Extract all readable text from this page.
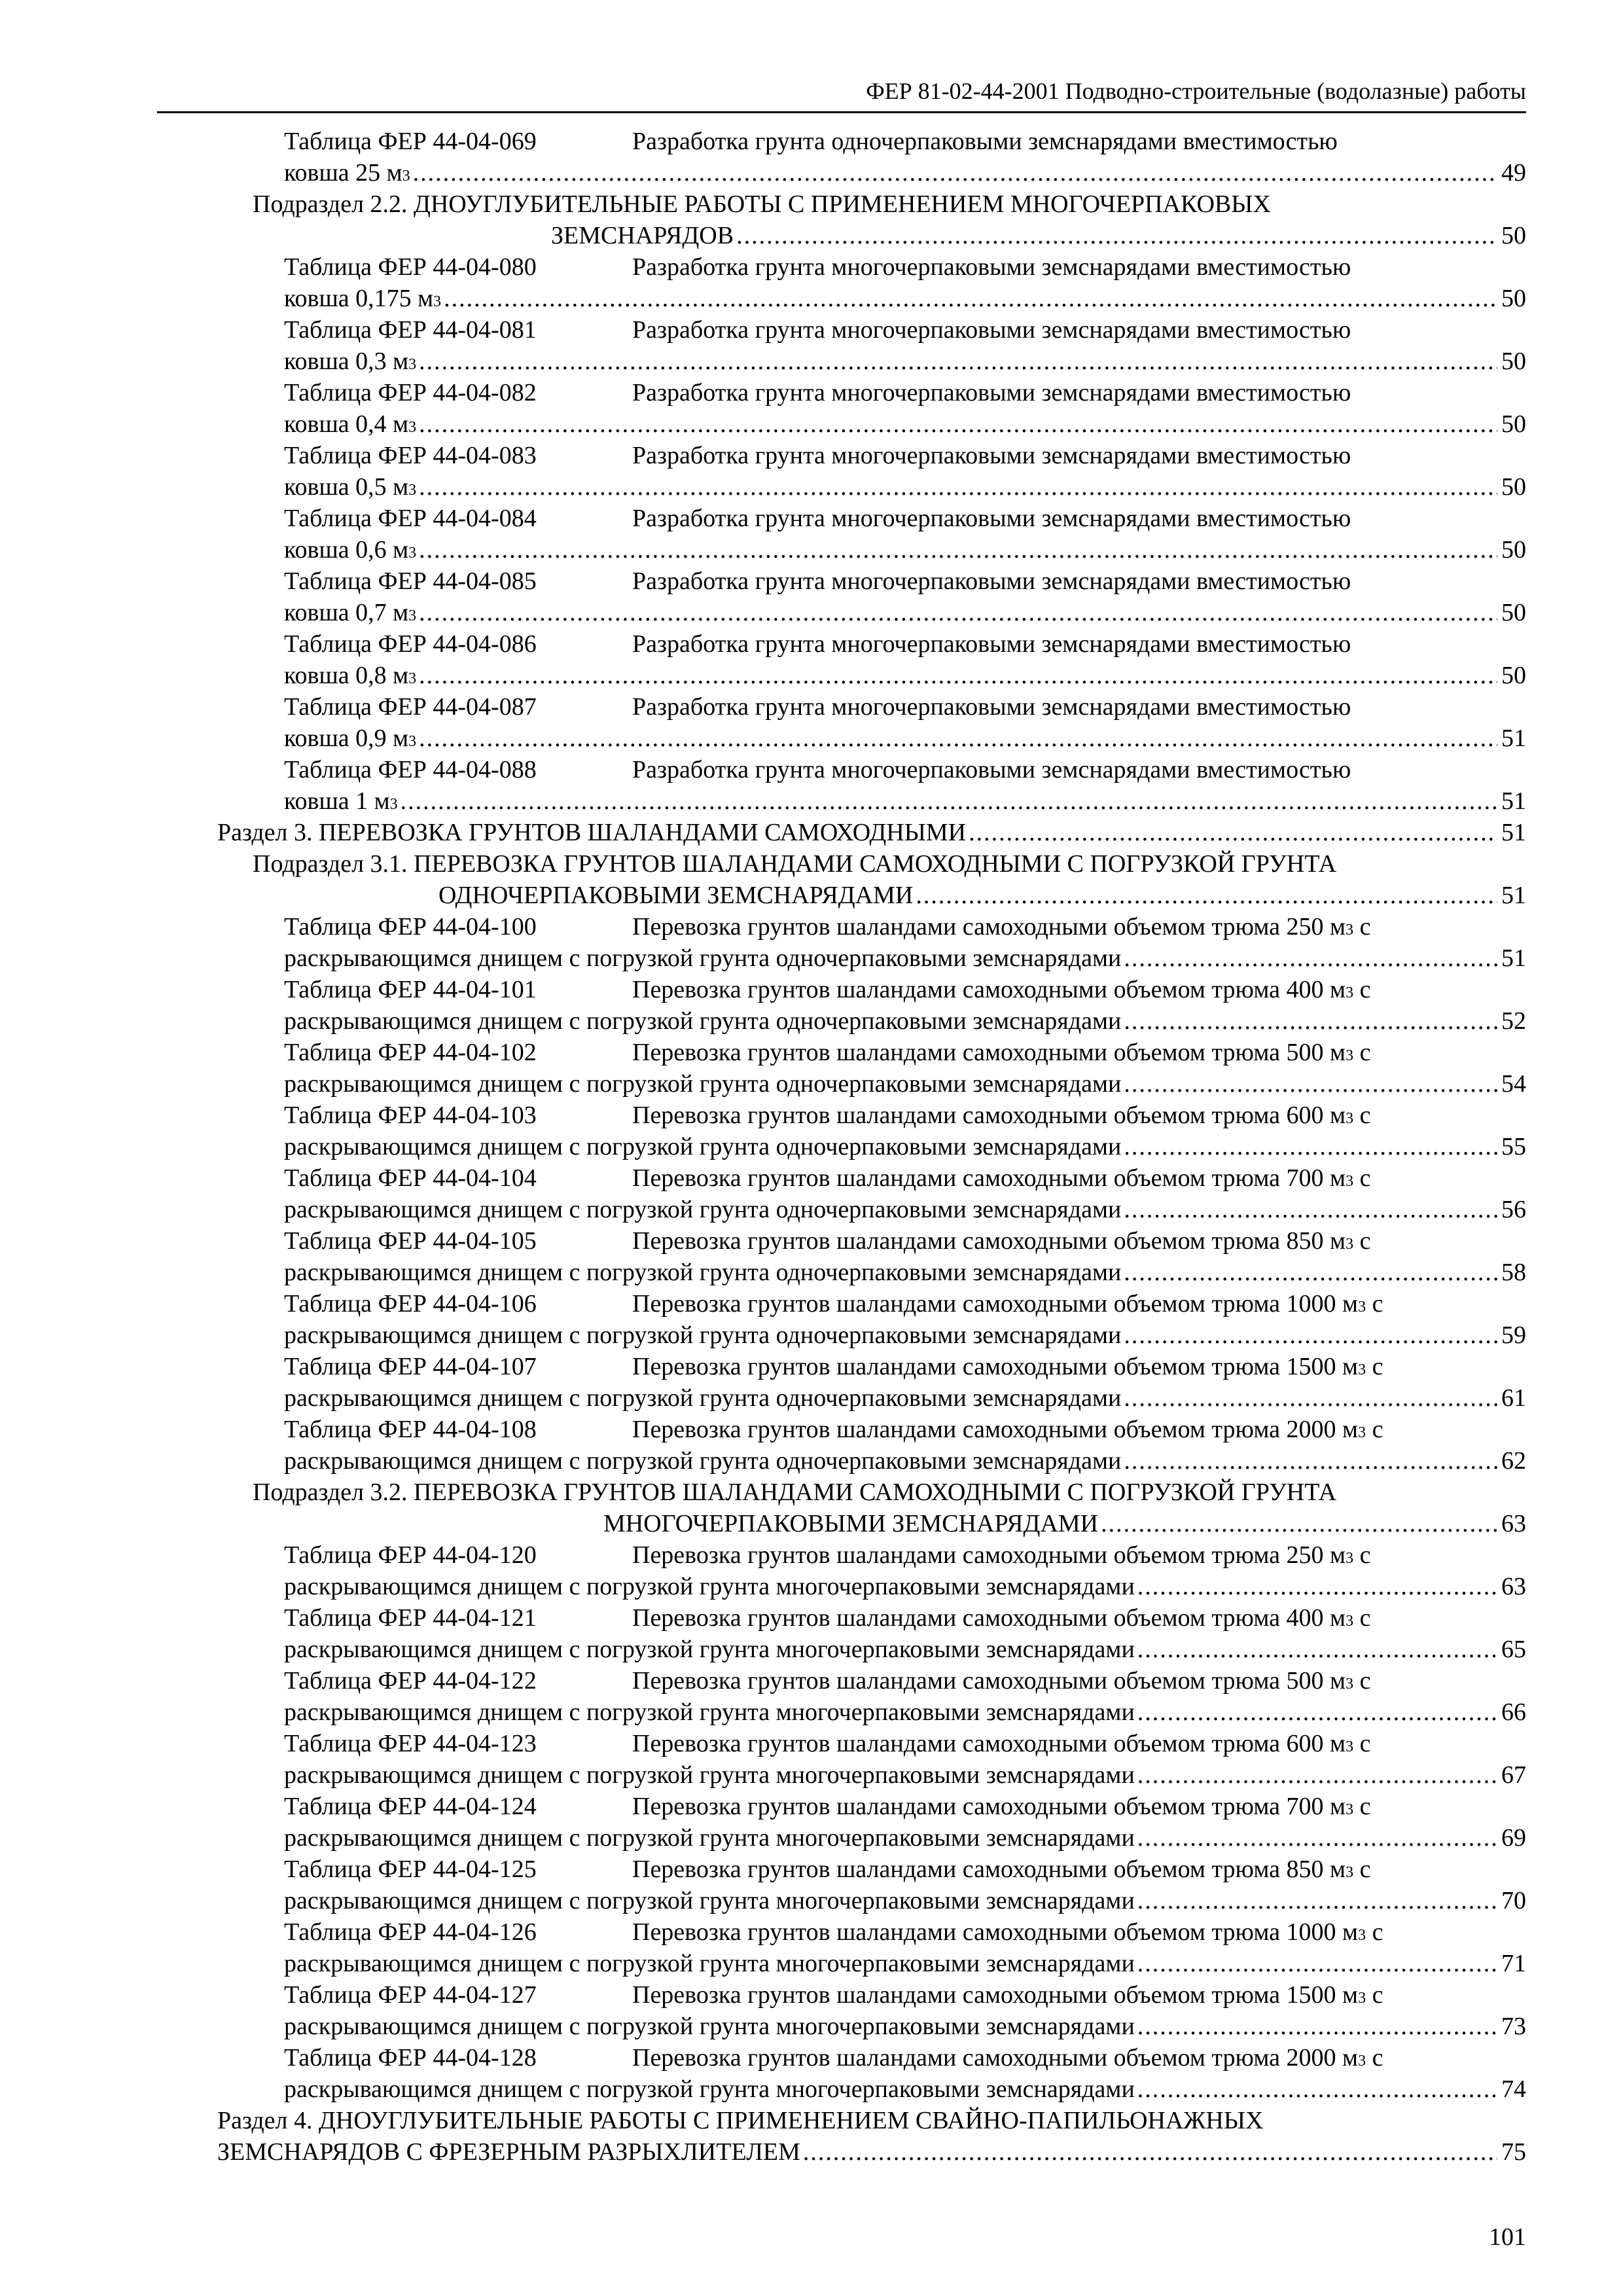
ФЕР 81-02-44-2001 Подводно-строительные (водолазные) работы
Таблица ФЕР 44-04-069	Разработка грунта одночерпаковыми земснарядами вместимостью
ковша 25 м 3 .....	49
Подраздел 2.2. ДНОУГЛУБИТЕЛЬНЫЕ РАБОТЫ С ПРИМЕНЕНИЕМ МНОГОЧЕРПАКОВЫХ
ЗЕМСНАРЯДОВ .....	50
Таблица ФЕР 44-04-080	Разработка грунта многочерпаковыми земснарядами вместимостью
ковша 0,175 м 3 .....	50
Таблица ФЕР 44-04-081	Разработка грунта многочерпаковыми земснарядами вместимостью
ковша 0,3 м 3 .....	50
Таблица ФЕР 44-04-082	Разработка грунта многочерпаковыми земснарядами вместимостью
ковша 0,4 м 3 .....	50
Таблица ФЕР 44-04-083	Разработка грунта многочерпаковыми земснарядами вместимостью
ковша 0,5 м 3 .....	50
Таблица ФЕР 44-04-084	Разработка грунта многочерпаковыми земснарядами вместимостью
ковша 0,6 м 3 .....	50
Таблица ФЕР 44-04-085	Разработка грунта многочерпаковыми земснарядами вместимостью
ковша 0,7 м 3 .....	50
Таблица ФЕР 44-04-086	Разработка грунта многочерпаковыми земснарядами вместимостью
ковша 0,8 м 3 .....	50
Таблица ФЕР 44-04-087	Разработка грунта многочерпаковыми земснарядами вместимостью
ковша 0,9 м 3 .....	51
Таблица ФЕР 44-04-088	Разработка грунта многочерпаковыми земснарядами вместимостью
ковша 1 м 3 .....	51
Раздел 3. ПЕРЕВОЗКА ГРУНТОВ ШАЛАНДАМИ САМОХОДНЫМИ .....	51
Подраздел 3.1. ПЕРЕВОЗКА ГРУНТОВ ШАЛАНДАМИ САМОХОДНЫМИ С ПОГРУЗКОЙ ГРУНТА
ОДНОЧЕРПАКОВЫМИ ЗЕМСНАРЯДАМИ .....	51
Таблица ФЕР 44-04-100	Перевозка грунтов шаландами самоходными объемом трюма 250 м 3 с
раскрывающимся днищем с погрузкой грунта одночерпаковыми земснарядами .....	51
Таблица ФЕР 44-04-101	Перевозка грунтов шаландами самоходными объемом трюма 400 м 3 с
раскрывающимся днищем с погрузкой грунта одночерпаковыми земснарядами .....	52
Таблица ФЕР 44-04-102	Перевозка грунтов шаландами самоходными объемом трюма 500 м 3 с
раскрывающимся днищем с погрузкой грунта одночерпаковыми земснарядами .....	54
Таблица ФЕР 44-04-103	Перевозка грунтов шаландами самоходными объемом трюма 600 м 3 с
раскрывающимся днищем с погрузкой грунта одночерпаковыми земснарядами .....	55
Таблица ФЕР 44-04-104	Перевозка грунтов шаландами самоходными объемом трюма 700 м 3 с
раскрывающимся днищем с погрузкой грунта одночерпаковыми земснарядами .....	56
Таблица ФЕР 44-04-105	Перевозка грунтов шаландами самоходными объемом трюма 850 м 3 с
раскрывающимся днищем с погрузкой грунта одночерпаковыми земснарядами .....	58
Таблица ФЕР 44-04-106	Перевозка грунтов шаландами самоходными объемом трюма 1000 м 3 с
раскрывающимся днищем с погрузкой грунта одночерпаковыми земснарядами .....	59
Таблица ФЕР 44-04-107	Перевозка грунтов шаландами самоходными объемом трюма 1500 м 3 с
раскрывающимся днищем с погрузкой грунта одночерпаковыми земснарядами .....	61
Таблица ФЕР 44-04-108	Перевозка грунтов шаландами самоходными объемом трюма 2000 м 3 с
раскрывающимся днищем с погрузкой грунта одночерпаковыми земснарядами .....	62
Подраздел 3.2. ПЕРЕВОЗКА ГРУНТОВ ШАЛАНДАМИ САМОХОДНЫМИ С ПОГРУЗКОЙ ГРУНТА
МНОГОЧЕРПАКОВЫМИ ЗЕМСНАРЯДАМИ .....	63
Таблица ФЕР 44-04-120	Перевозка грунтов шаландами самоходными объемом трюма 250 м 3 с
раскрывающимся днищем с погрузкой грунта многочерпаковыми земснарядами .....	63
Таблица ФЕР 44-04-121	Перевозка грунтов шаландами самоходными объемом трюма 400 м 3 с
раскрывающимся днищем с погрузкой грунта многочерпаковыми земснарядами .....	65
Таблица ФЕР 44-04-122	Перевозка грунтов шаландами самоходными объемом трюма 500 м 3 с
раскрывающимся днищем с погрузкой грунта многочерпаковыми земснарядами .....	66
Таблица ФЕР 44-04-123	Перевозка грунтов шаландами самоходными объемом трюма 600 м 3 с
раскрывающимся днищем с погрузкой грунта многочерпаковыми земснарядами .....	67
Таблица ФЕР 44-04-124	Перевозка грунтов шаландами самоходными объемом трюма 700 м 3 с
раскрывающимся днищем с погрузкой грунта многочерпаковыми земснарядами .....	69
Таблица ФЕР 44-04-125	Перевозка грунтов шаландами самоходными объемом трюма 850 м 3 с
раскрывающимся днищем с погрузкой грунта многочерпаковыми земснарядами .....	70
Таблица ФЕР 44-04-126	Перевозка грунтов шаландами самоходными объемом трюма 1000 м 3 с
раскрывающимся днищем с погрузкой грунта многочерпаковыми земснарядами .....	71
Таблица ФЕР 44-04-127	Перевозка грунтов шаландами самоходными объемом трюма 1500 м 3 с
раскрывающимся днищем с погрузкой грунта многочерпаковыми земснарядами .....	73
Таблица ФЕР 44-04-128	Перевозка грунтов шаландами самоходными объемом трюма 2000 м 3 с
раскрывающимся днищем с погрузкой грунта многочерпаковыми земснарядами .....	74
Раздел 4. ДНОУГЛУБИТЕЛЬНЫЕ РАБОТЫ С ПРИМЕНЕНИЕМ СВАЙНО-ПАПИЛЬОНАЖНЫХ
ЗЕМСНАРЯДОВ С ФРЕЗЕРНЫМ РАЗРЫХЛИТЕЛЕМ .....	75
101
